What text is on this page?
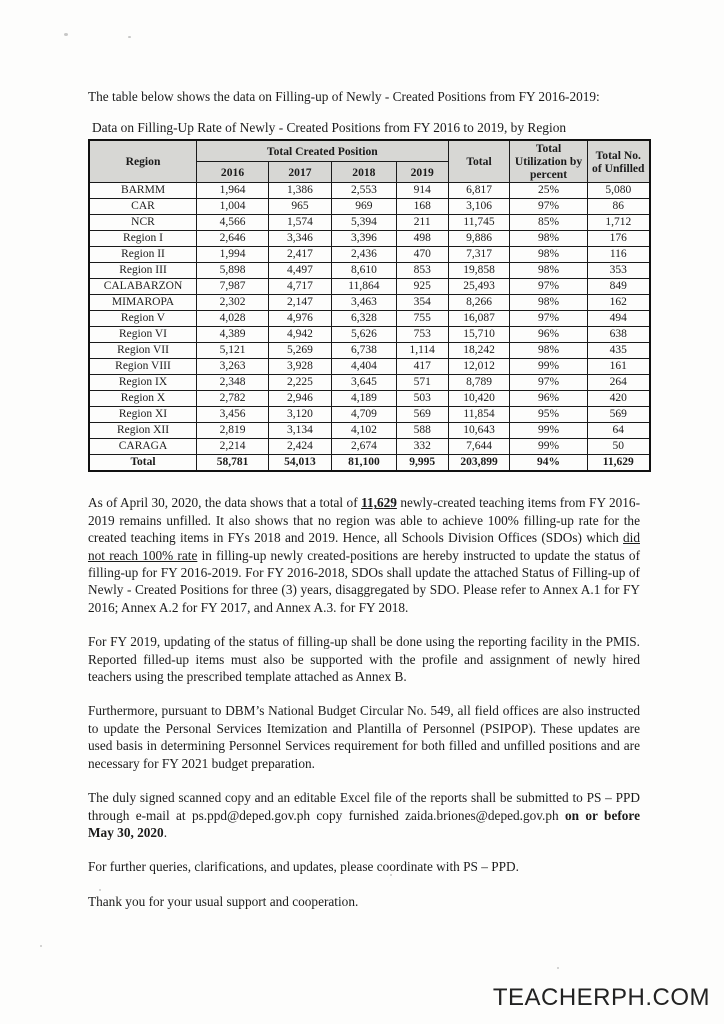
The table below shows the data on Filling-up of Newly - Created Positions from FY 2016-2019:

Data on Filling-Up Rate of Newly - Created Positions from FY 2016 to 2019, by Region
Region	Total Created Position				Total	Total Utilization by percent	Total No. of Unfilled
	2016	2017	2018	2019			
BARMM	1,964	1,386	2,553	914	6,817	25%	5,080
CAR	1,004	965	969	168	3,106	97%	86
NCR	4,566	1,574	5,394	211	11,745	85%	1,712
Region I	2,646	3,346	3,396	498	9,886	98%	176
Region II	1,994	2,417	2,436	470	7,317	98%	116
Region III	5,898	4,497	8,610	853	19,858	98%	353
CALABARZON	7,987	4,717	11,864	925	25,493	97%	849
MIMAROPA	2,302	2,147	3,463	354	8,266	98%	162
Region V	4,028	4,976	6,328	755	16,087	97%	494
Region VI	4,389	4,942	5,626	753	15,710	96%	638
Region VII	5,121	5,269	6,738	1,114	18,242	98%	435
Region VIII	3,263	3,928	4,404	417	12,012	99%	161
Region IX	2,348	2,225	3,645	571	8,789	97%	264
Region X	2,782	2,946	4,189	503	10,420	96%	420
Region XI	3,456	3,120	4,709	569	11,854	95%	569
Region XII	2,819	3,134	4,102	588	10,643	99%	64
CARAGA	2,214	2,424	2,674	332	7,644	99%	50
Total	58,781	54,013	81,100	9,995	203,899	94%	11,629

As of April 30, 2020, the data shows that a total of 11,629 newly-created teaching items from FY 2016-2019 remains unfilled. It also shows that no region was able to achieve 100% filling-up rate for the created teaching items in FYs 2018 and 2019. Hence, all Schools Division Offices (SDOs) which did not reach 100% rate in filling-up newly created-positions are hereby instructed to update the status of filling-up for FY 2016-2019. For FY 2016-2018, SDOs shall update the attached Status of Filling-up of Newly - Created Positions for three (3) years, disaggregated by SDO. Please refer to Annex A.1 for FY 2016; Annex A.2 for FY 2017, and Annex A.3. for FY 2018.

For FY 2019, updating of the status of filling-up shall be done using the reporting facility in the PMIS. Reported filled-up items must also be supported with the profile and assignment of newly hired teachers using the prescribed template attached as Annex B.

Furthermore, pursuant to DBM’s National Budget Circular No. 549, all field offices are also instructed to update the Personal Services Itemization and Plantilla of Personnel (PSIPOP). These updates are used basis in determining Personnel Services requirement for both filled and unfilled positions and are necessary for FY 2021 budget preparation.

The duly signed scanned copy and an editable Excel file of the reports shall be submitted to PS – PPD through e-mail at ps.ppd@deped.gov.ph copy furnished zaida.briones@deped.gov.ph on or before May 30, 2020.

For further queries, clarifications, and updates, please coordinate with PS – PPD.

Thank you for your usual support and cooperation.

TEACHERPH.COM
